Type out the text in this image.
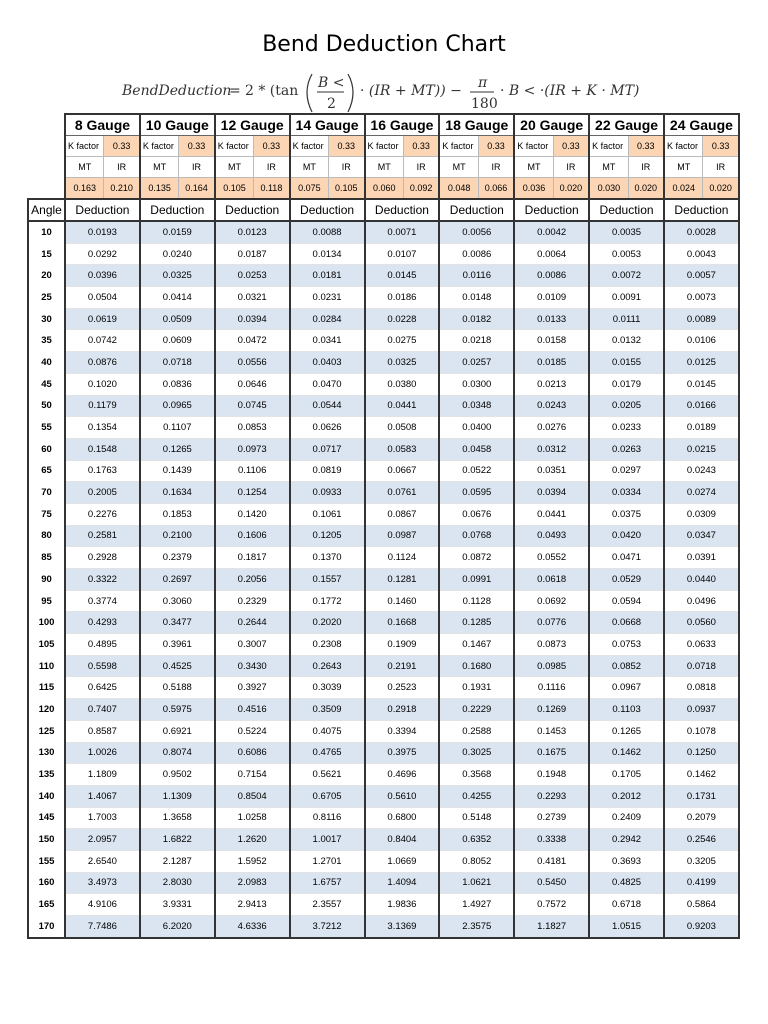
Bend Deduction Chart
BendDeduction
= 2 * (tan B <
2
· (IR + MT)) − π
180
· B < ·(IR + K · MT)
	8 Gauge		10 Gauge		12 Gauge		14 Gauge		16 Gauge		18 Gauge		20 Gauge		22 Gauge		24 Gauge	
	K factor	0.33	K factor	0.33	K factor	0.33	K factor	0.33	K factor	0.33	K factor	0.33	K factor	0.33	K factor	0.33	K factor	0.33
	MT	IR	MT	IR	MT	IR	MT	IR	MT	IR	MT	IR	MT	IR	MT	IR	MT	IR
	0.163	0.210	0.135	0.164	0.105	0.118	0.075	0.105	0.060	0.092	0.048	0.066	0.036	0.020	0.030	0.020	0.024	0.020
Angle	Deduction		Deduction		Deduction		Deduction		Deduction		Deduction		Deduction		Deduction		Deduction	
10	0.0193		0.0159		0.0123		0.0088		0.0071		0.0056		0.0042		0.0035		0.0028	
15	0.0292		0.0240		0.0187		0.0134		0.0107		0.0086		0.0064		0.0053		0.0043	
20	0.0396		0.0325		0.0253		0.0181		0.0145		0.0116		0.0086		0.0072		0.0057	
25	0.0504		0.0414		0.0321		0.0231		0.0186		0.0148		0.0109		0.0091		0.0073	
30	0.0619		0.0509		0.0394		0.0284		0.0228		0.0182		0.0133		0.0111		0.0089	
35	0.0742		0.0609		0.0472		0.0341		0.0275		0.0218		0.0158		0.0132		0.0106	
40	0.0876		0.0718		0.0556		0.0403		0.0325		0.0257		0.0185		0.0155		0.0125	
45	0.1020		0.0836		0.0646		0.0470		0.0380		0.0300		0.0213		0.0179		0.0145	
50	0.1179		0.0965		0.0745		0.0544		0.0441		0.0348		0.0243		0.0205		0.0166	
55	0.1354		0.1107		0.0853		0.0626		0.0508		0.0400		0.0276		0.0233		0.0189	
60	0.1548		0.1265		0.0973		0.0717		0.0583		0.0458		0.0312		0.0263		0.0215	
65	0.1763		0.1439		0.1106		0.0819		0.0667		0.0522		0.0351		0.0297		0.0243	
70	0.2005		0.1634		0.1254		0.0933		0.0761		0.0595		0.0394		0.0334		0.0274	
75	0.2276		0.1853		0.1420		0.1061		0.0867		0.0676		0.0441		0.0375		0.0309	
80	0.2581		0.2100		0.1606		0.1205		0.0987		0.0768		0.0493		0.0420		0.0347	
85	0.2928		0.2379		0.1817		0.1370		0.1124		0.0872		0.0552		0.0471		0.0391	
90	0.3322		0.2697		0.2056		0.1557		0.1281		0.0991		0.0618		0.0529		0.0440	
95	0.3774		0.3060		0.2329		0.1772		0.1460		0.1128		0.0692		0.0594		0.0496	
100	0.4293		0.3477		0.2644		0.2020		0.1668		0.1285		0.0776		0.0668		0.0560	
105	0.4895		0.3961		0.3007		0.2308		0.1909		0.1467		0.0873		0.0753		0.0633	
110	0.5598		0.4525		0.3430		0.2643		0.2191		0.1680		0.0985		0.0852		0.0718	
115	0.6425		0.5188		0.3927		0.3039		0.2523		0.1931		0.1116		0.0967		0.0818	
120	0.7407		0.5975		0.4516		0.3509		0.2918		0.2229		0.1269		0.1103		0.0937	
125	0.8587		0.6921		0.5224		0.4075		0.3394		0.2588		0.1453		0.1265		0.1078	
130	1.0026		0.8074		0.6086		0.4765		0.3975		0.3025		0.1675		0.1462		0.1250	
135	1.1809		0.9502		0.7154		0.5621		0.4696		0.3568		0.1948		0.1705		0.1462	
140	1.4067		1.1309		0.8504		0.6705		0.5610		0.4255		0.2293		0.2012		0.1731	
145	1.7003		1.3658		1.0258		0.8116		0.6800		0.5148		0.2739		0.2409		0.2079	
150	2.0957		1.6822		1.2620		1.0017		0.8404		0.6352		0.3338		0.2942		0.2546	
155	2.6540		2.1287		1.5952		1.2701		1.0669		0.8052		0.4181		0.3693		0.3205	
160	3.4973		2.8030		2.0983		1.6757		1.4094		1.0621		0.5450		0.4825		0.4199	
165	4.9106		3.9331		2.9413		2.3557		1.9836		1.4927		0.7572		0.6718		0.5864	
170	7.7486		6.2020		4.6336		3.7212		3.1369		2.3575		1.1827		1.0515		0.9203	
